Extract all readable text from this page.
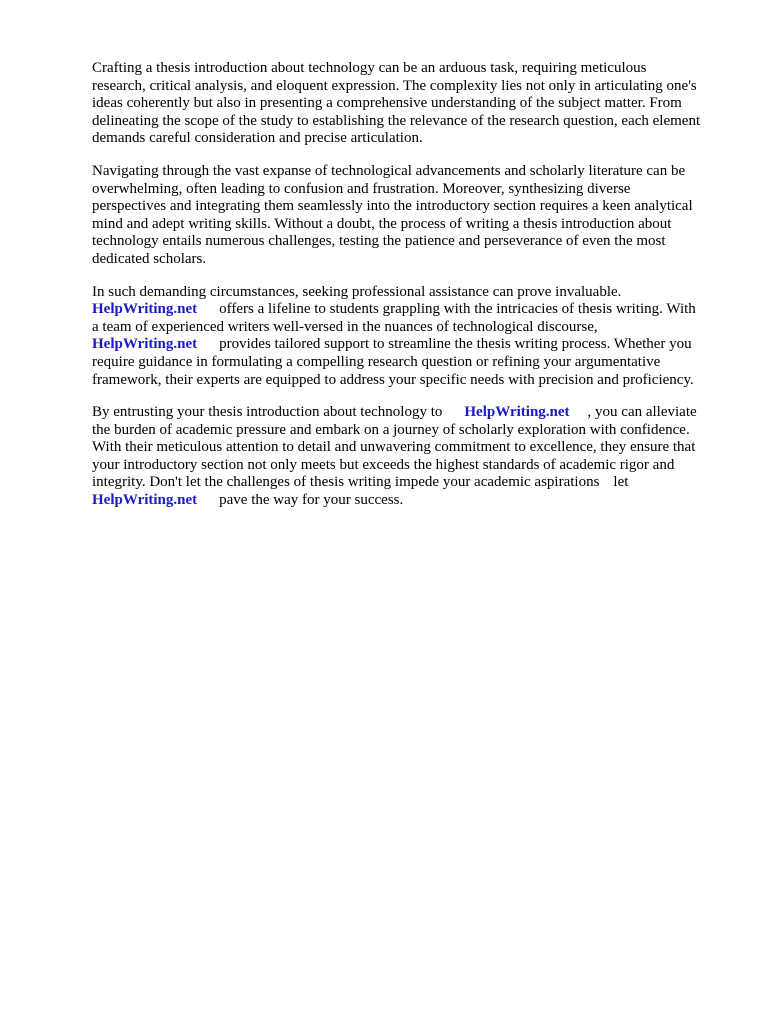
Crafting a thesis introduction about technology can be an arduous task, requiring meticulous
research, critical analysis, and eloquent expression. The complexity lies not only in articulating one's
ideas coherently but also in presenting a comprehensive understanding of the subject matter. From
delineating the scope of the study to establishing the relevance of the research question, each element
demands careful consideration and precise articulation.

Navigating through the vast expanse of technological advancements and scholarly literature can be
overwhelming, often leading to confusion and frustration. Moreover, synthesizing diverse
perspectives and integrating them seamlessly into the introductory section requires a keen analytical
mind and adept writing skills. Without a doubt, the process of writing a thesis introduction about
technology entails numerous challenges, testing the patience and perseverance of even the most
dedicated scholars.

In such demanding circumstances, seeking professional assistance can prove invaluable.
HelpWriting.net offers a lifeline to students grappling with the intricacies of thesis writing. With
a team of experienced writers well-versed in the nuances of technological discourse,
HelpWriting.net provides tailored support to streamline the thesis writing process. Whether you
require guidance in formulating a compelling research question or refining your argumentative
framework, their experts are equipped to address your specific needs with precision and proficiency.

By entrusting your thesis introduction about technology to HelpWriting.net , you can alleviate
the burden of academic pressure and embark on a journey of scholarly exploration with confidence.
With their meticulous attention to detail and unwavering commitment to excellence, they ensure that
your introductory section not only meets but exceeds the highest standards of academic rigor and
integrity. Don't let the challenges of thesis writing impede your academic aspirations let
HelpWriting.net pave the way for your success.
